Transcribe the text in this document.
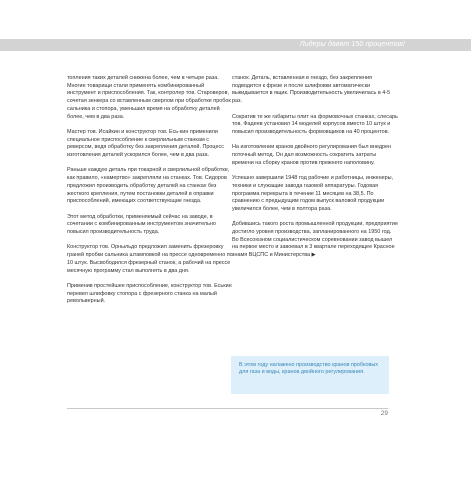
Лидеры давят 150 процентов!

топления таких деталей снижена более, чем в четыре раза. Многие товарищи стали применять комбинированный инструмент и приспособления. Так, контролер тов. Староверов, сочетая зенкера со вставленным сверлом при обработке пробок сальника и стопора, уменьшил время на обработку деталей более, чем в два раза.

Мастер тов. Исайкин и конструктор тов. Есь-кин применили специальное приспособление к сверлильным станкам с реверсом, ведя обработку без закрепления деталей. Процесс изготовления деталей ускорился более, чем в два раза.

Раньше каждую деталь при токарной и сверлильной обработке, как правило, «намертво» закрепляли на станках. Тов. Сидоров предложил производить обработку деталей на станках без жесткого крепления, путем постановки деталей в оправки приспособлений, имеющих соответствующие гнезда.

Этот метод обработки, применяемый сейчас на заводе, в сочетании с комбинированным инструментом значительно повысил производительность труда.

Конструктор тов. Орныльдо предложил заменить фрезеровку граней пробки сальника штамповкой на прессе одновременно по 10 штук. Высвободился фрезерный станок, а рабочий на прессе месячную программу стал выполнять в два дня.

Применив простейшее приспособление, конструктор тов. Еськин перевел шлифовку стопора с фрезерного станка на малый револьверный.

станок. Деталь, вставленная в гнездо, без закрепления подводится к фрезе и после шлифовки автоматически выкидывается в ящик. Производительность увеличилась в 4-5 раз.

Сократив те же габариты плит на формовочных станках, слесарь тов. Фадеев установил 14 моделей корпусов вместо 10 штук и повысил производительность формовщиков на 40 процентов.

На изготовлении кранов двойного регулирования был внедрен поточный метод. Он дал возможность сократить затраты времени на сборку кранов против прежнего наполовину.

Успешно завершили 1948 год рабочие и работницы, инженеры, техники и служащие завода газовой аппаратуры. Годовая программа перекрыта в течение 11 месяцев на 38,5. По сравнению с предыдущим годом выпуск валовой продукции увеличился более, чем в полтора раза.

Добившись такого роста промышленной продукции, предприятие достигло уровня производства, запланированного на 1950 год. Во Всесоюзном социалистическом соревновании завод вышел на первое место и завоевал в 3 квартале переходящее Красное знамя ВЦСПС и Министерства ▶

В этом году налажено производство кранов пробковых для газа и воды, кранов двойного регулирования.
29
